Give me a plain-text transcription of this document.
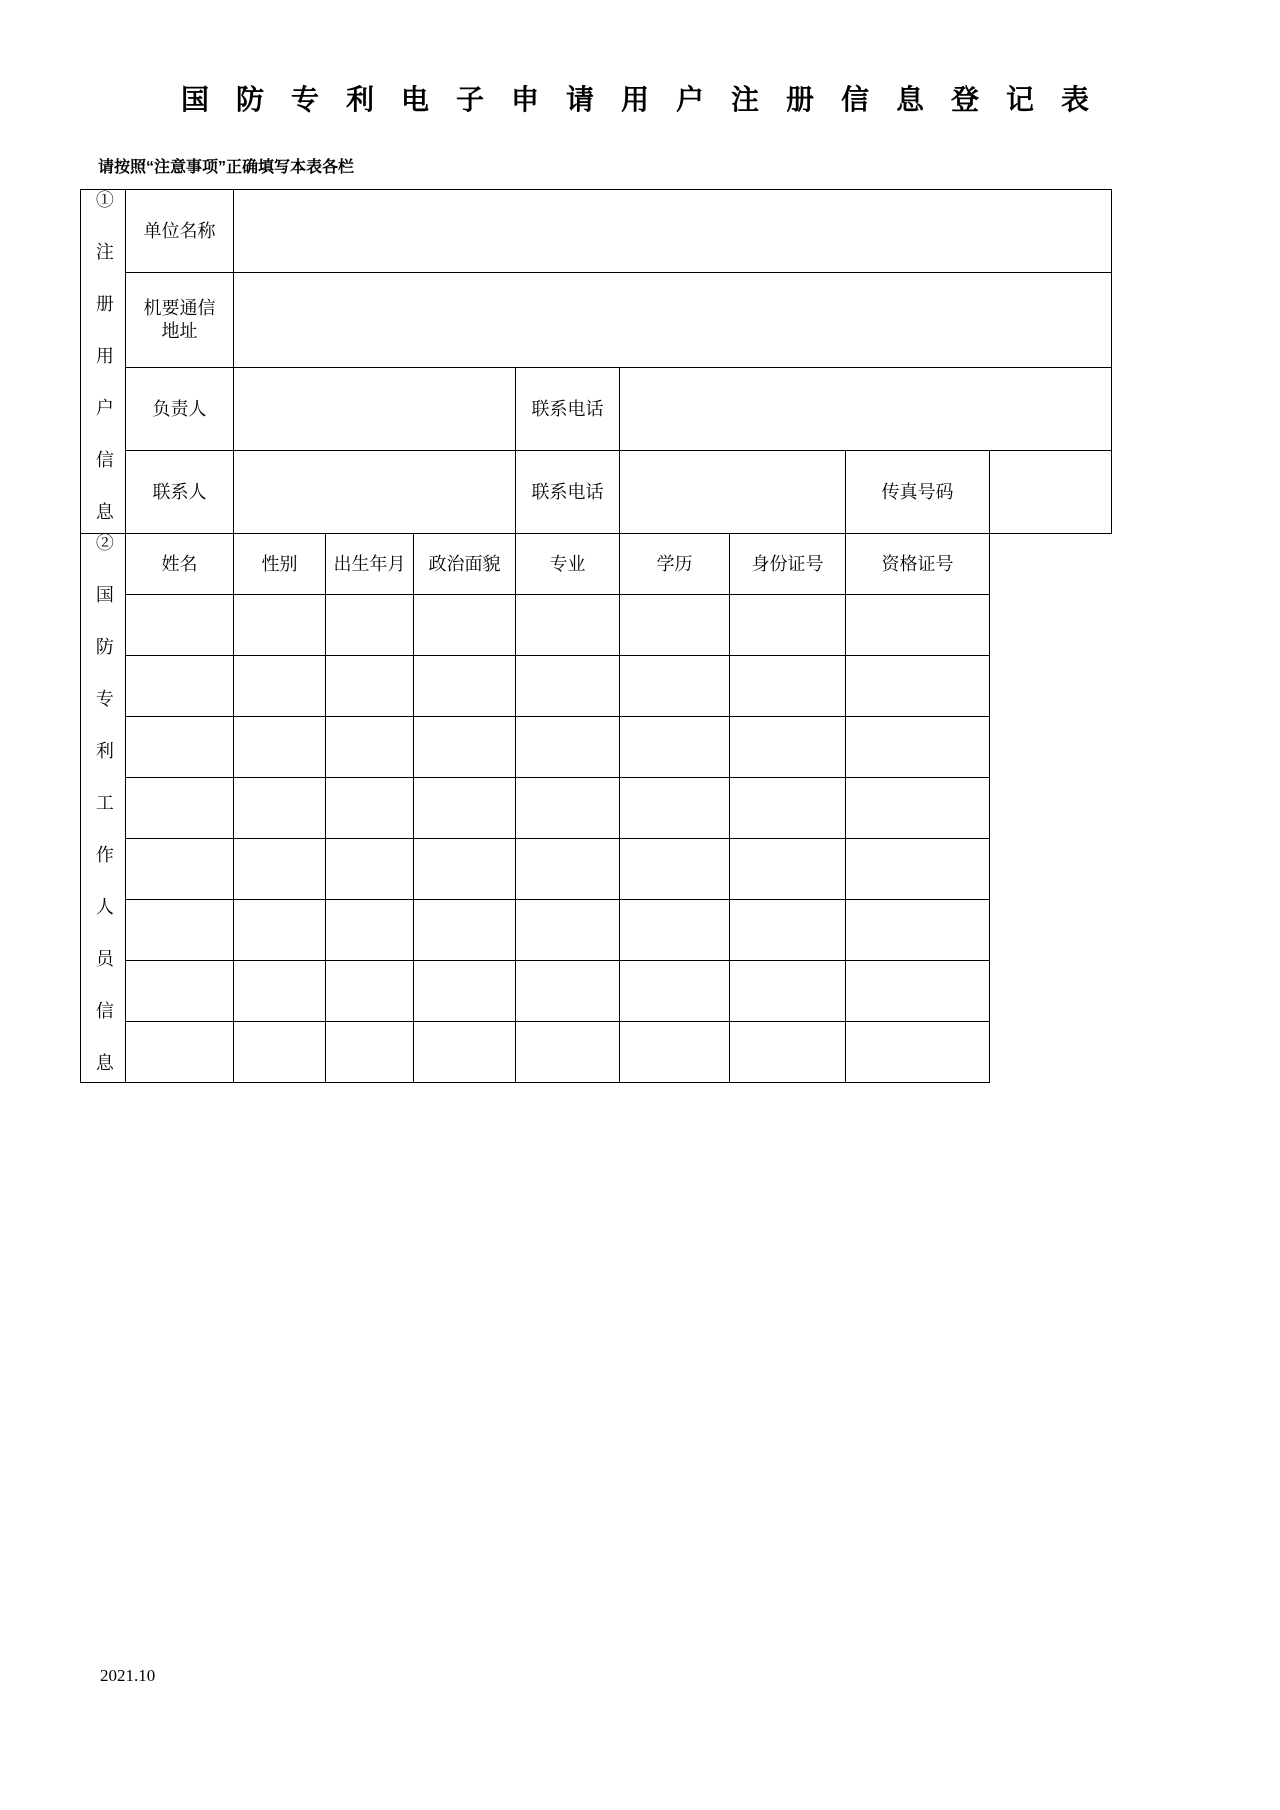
国 防 专 利 电 子 申 请 用 户 注 册 信 息 登 记 表
请按照“注意事项”正确填写本表各栏
① 注 册 用 户 信 息	单位名称								

	机要通信
地址								

	负责人				联系电话				
	联系人				联系电话			传真号码	
② 国 防 专 利 工 作 人 员 信 息	姓名	性别	出生年月	政治面貌	专业	学历	身份证号	资格证号	

2021.10
